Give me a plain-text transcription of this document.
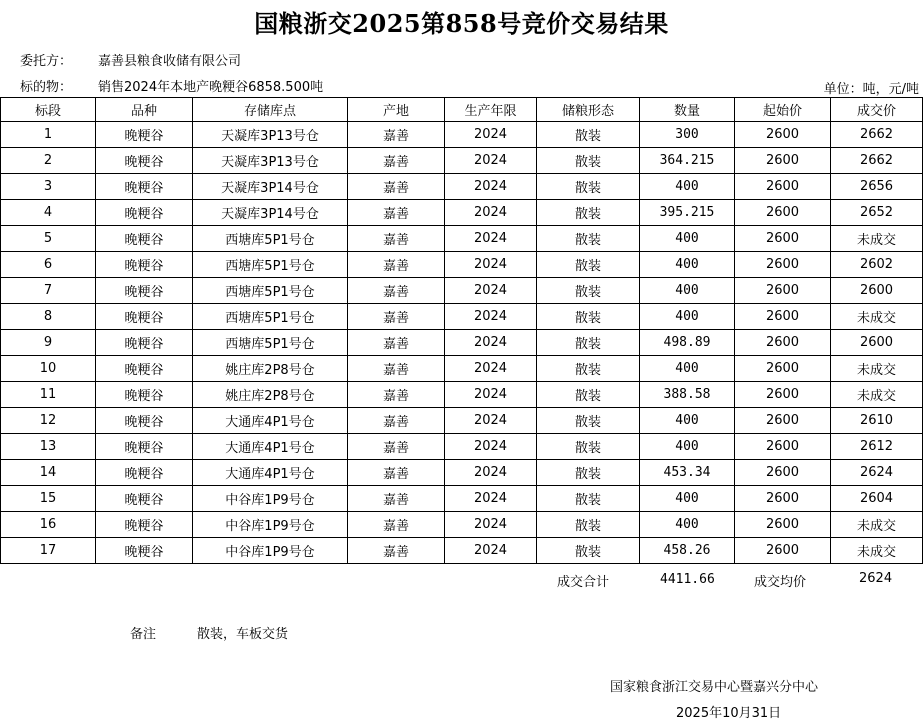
国粮浙交2025第858号竞价交易结果
委托方： 嘉善县粮食收储有限公司
标的物： 销售2024年本地产晚粳谷6858.500吨	单位：吨，元/吨
标段	品种	存储库点	产地	生产年限	储粮形态	数量	起始价	成交价
1	晚粳谷	天凝库3P13号仓	嘉善	2024	散装	300	2600	2662
2	晚粳谷	天凝库3P13号仓	嘉善	2024	散装	364.215	2600	2662
3	晚粳谷	天凝库3P14号仓	嘉善	2024	散装	400	2600	2656
4	晚粳谷	天凝库3P14号仓	嘉善	2024	散装	395.215	2600	2652
5	晚粳谷	西塘库5P1号仓	嘉善	2024	散装	400	2600	未成交
6	晚粳谷	西塘库5P1号仓	嘉善	2024	散装	400	2600	2602
7	晚粳谷	西塘库5P1号仓	嘉善	2024	散装	400	2600	2600
8	晚粳谷	西塘库5P1号仓	嘉善	2024	散装	400	2600	未成交
9	晚粳谷	西塘库5P1号仓	嘉善	2024	散装	498.89	2600	2600
10	晚粳谷	姚庄库2P8号仓	嘉善	2024	散装	400	2600	未成交
11	晚粳谷	姚庄库2P8号仓	嘉善	2024	散装	388.58	2600	未成交
12	晚粳谷	大通库4P1号仓	嘉善	2024	散装	400	2600	2610
13	晚粳谷	大通库4P1号仓	嘉善	2024	散装	400	2600	2612
14	晚粳谷	大通库4P1号仓	嘉善	2024	散装	453.34	2600	2624
15	晚粳谷	中谷库1P9号仓	嘉善	2024	散装	400	2600	2604
16	晚粳谷	中谷库1P9号仓	嘉善	2024	散装	400	2600	未成交
17	晚粳谷	中谷库1P9号仓	嘉善	2024	散装	458.26	2600	未成交
成交合计	4411.66	成交均价	2624
备注	散装，车板交货
国家粮食浙江交易中心暨嘉兴分中心
2025年10月31日
